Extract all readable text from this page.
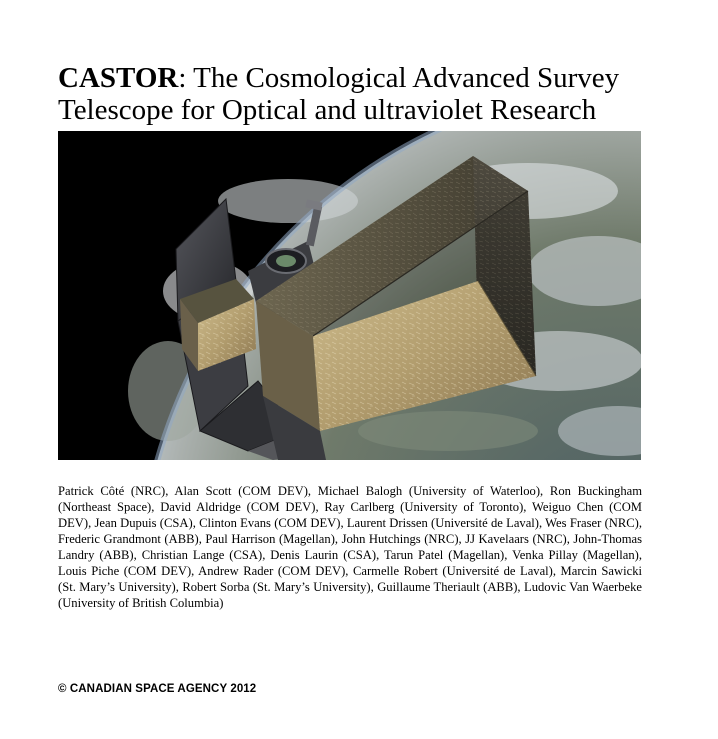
CASTOR: The Cosmological Advanced Survey Telescope for Optical and ultraviolet Research

Patrick Côté (NRC), Alan Scott (COM DEV), Michael Balogh (University of Waterloo), Ron Buckingham (Northeast Space), David Aldridge (COM DEV), Ray Carlberg (University of Toronto), Weiguo Chen (COM DEV), Jean Dupuis (CSA), Clinton Evans (COM DEV), Laurent Drissen (Université de Laval), Wes Fraser (NRC), Frederic Grandmont (ABB), Paul Harrison (Magellan), John Hutchings (NRC), JJ Kavelaars (NRC), John-Thomas Landry (ABB), Christian Lange (CSA), Denis Laurin (CSA), Tarun Patel (Magellan), Venka Pillay (Magellan), Louis Piche (COM DEV), Andrew Rader (COM DEV), Carmelle Robert (Université de Laval), Marcin Sawicki (St. Mary’s University), Robert Sorba (St. Mary’s University), Guillaume Theriault (ABB), Ludovic Van Waerbeke (University of British Columbia)

© CANADIAN SPACE AGENCY 2012
